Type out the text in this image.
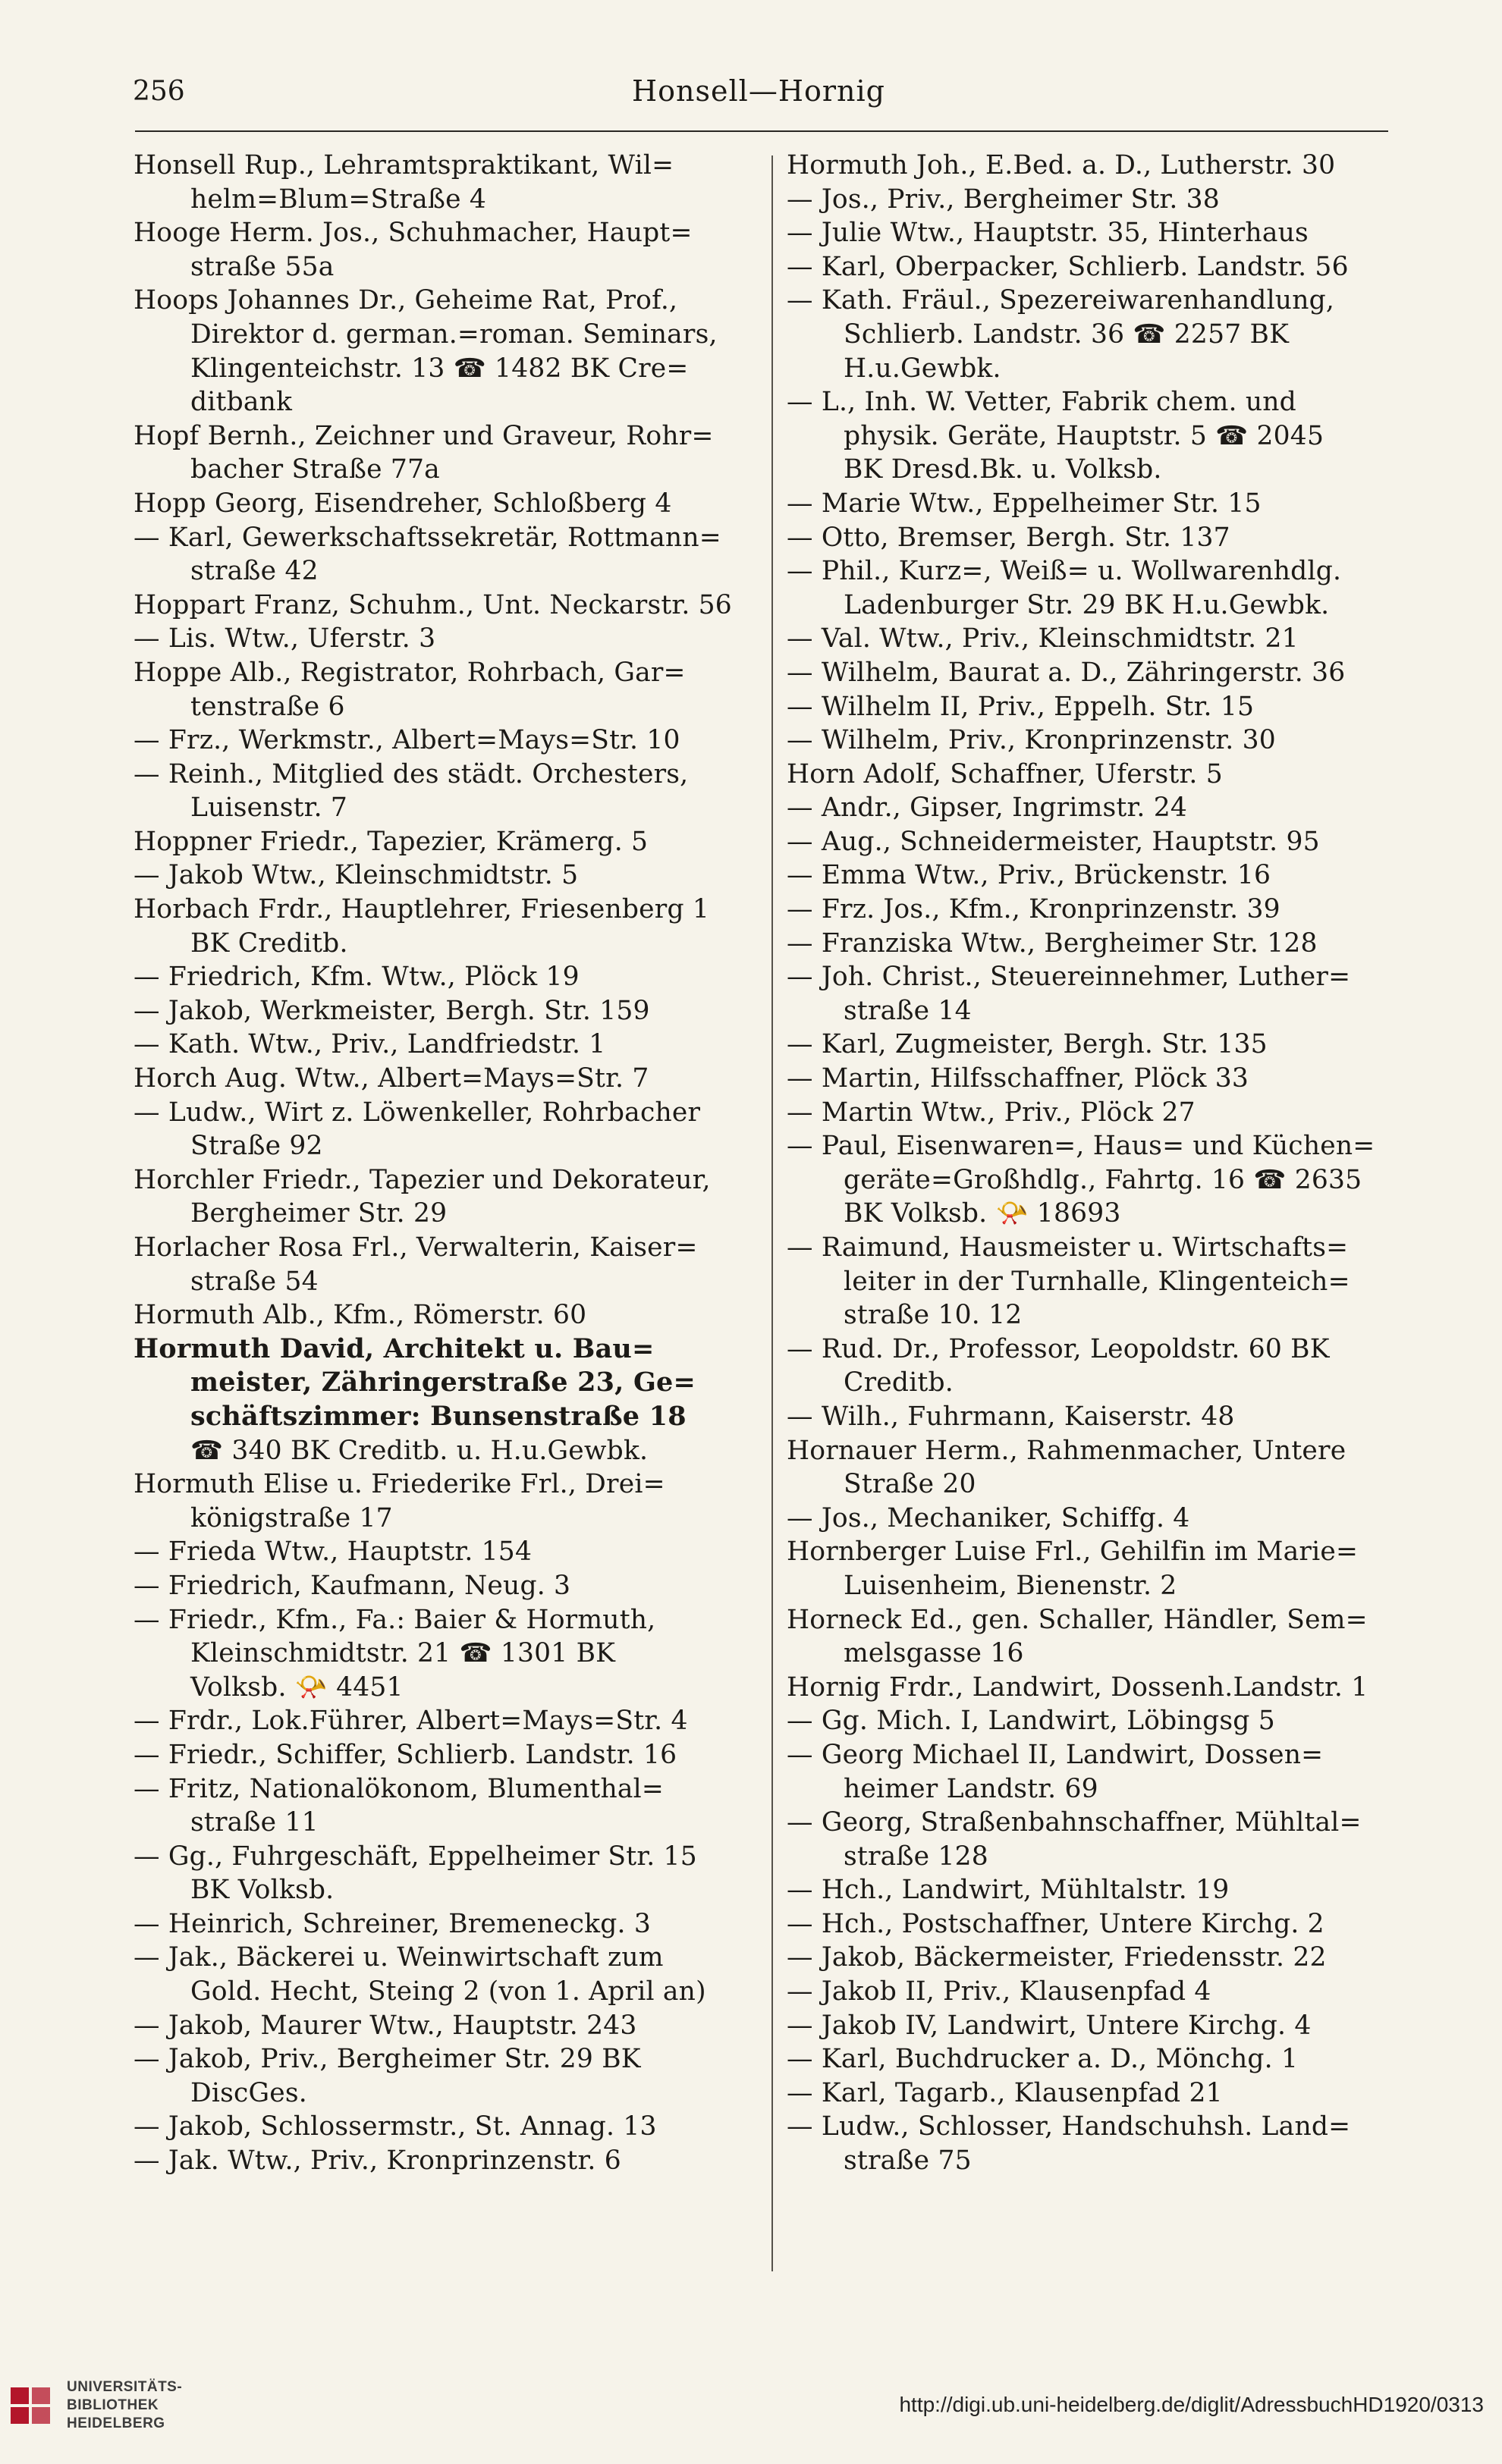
256	Honsell—Hornig
Honsell Rup., Lehramtspraktikant, Wil=
helm=Blum=Straße 4
Hooge Herm. Jos., Schuhmacher, Haupt=
straße 55a
Hoops Johannes Dr., Geheime Rat, Prof.,
Direktor d. german.=roman. Seminars,
Klingenteichstr. 13 ☎ 1482 BK Cre=
ditbank
Hopf Bernh., Zeichner und Graveur, Rohr=
bacher Straße 77a
Hopp Georg, Eisendreher, Schloßberg 4
— Karl, Gewerkschaftssekretär, Rottmann=
straße 42
Hoppart Franz, Schuhm., Unt. Neckarstr. 56
— Lis. Wtw., Uferstr. 3
Hoppe Alb., Registrator, Rohrbach, Gar=
tenstraße 6
— Frz., Werkmstr., Albert=Mays=Str. 10
— Reinh., Mitglied des städt. Orchesters,
Luisenstr. 7
Hoppner Friedr., Tapezier, Krämerg. 5
— Jakob Wtw., Kleinschmidtstr. 5
Horbach Frdr., Hauptlehrer, Friesenberg 1
BK Creditb.
— Friedrich, Kfm. Wtw., Plöck 19
— Jakob, Werkmeister, Bergh. Str. 159
— Kath. Wtw., Priv., Landfriedstr. 1
Horch Aug. Wtw., Albert=Mays=Str. 7
— Ludw., Wirt z. Löwenkeller, Rohrbacher
Straße 92
Horchler Friedr., Tapezier und Dekorateur,
Bergheimer Str. 29
Horlacher Rosa Frl., Verwalterin, Kaiser=
straße 54
Hormuth Alb., Kfm., Römerstr. 60
Hormuth David, Architekt u. Bau=
meister, Zähringerstraße 23, Ge=
schäftszimmer: Bunsenstraße 18
☎ 340 BK Creditb. u. H.u.Gewbk.
Hormuth Elise u. Friederike Frl., Drei=
königstraße 17
— Frieda Wtw., Hauptstr. 154
— Friedrich, Kaufmann, Neug. 3
— Friedr., Kfm., Fa.: Baier & Hormuth,
Kleinschmidtstr. 21 ☎ 1301 BK
Volksb. 📯 4451
— Frdr., Lok.Führer, Albert=Mays=Str. 4
— Friedr., Schiffer, Schlierb. Landstr. 16
— Fritz, Nationalökonom, Blumenthal=
straße 11
— Gg., Fuhrgeschäft, Eppelheimer Str. 15
BK Volksb.
— Heinrich, Schreiner, Bremeneckg. 3
— Jak., Bäckerei u. Weinwirtschaft zum
Gold. Hecht, Steing 2 (von 1. April an)
— Jakob, Maurer Wtw., Hauptstr. 243
— Jakob, Priv., Bergheimer Str. 29 BK
DiscGes.
— Jakob, Schlossermstr., St. Annag. 13
— Jak. Wtw., Priv., Kronprinzenstr. 6
Hormuth Joh., E.Bed. a. D., Lutherstr. 30
— Jos., Priv., Bergheimer Str. 38
— Julie Wtw., Hauptstr. 35, Hinterhaus
— Karl, Oberpacker, Schlierb. Landstr. 56
— Kath. Fräul., Spezereiwarenhandlung,
Schlierb. Landstr. 36 ☎ 2257 BK
H.u.Gewbk.
— L., Inh. W. Vetter, Fabrik chem. und
physik. Geräte, Hauptstr. 5 ☎ 2045
BK Dresd.Bk. u. Volksb.
— Marie Wtw., Eppelheimer Str. 15
— Otto, Bremser, Bergh. Str. 137
— Phil., Kurz=, Weiß= u. Wollwarenhdlg.
Ladenburger Str. 29 BK H.u.Gewbk.
— Val. Wtw., Priv., Kleinschmidtstr. 21
— Wilhelm, Baurat a. D., Zähringerstr. 36
— Wilhelm II, Priv., Eppelh. Str. 15
— Wilhelm, Priv., Kronprinzenstr. 30
Horn Adolf, Schaffner, Uferstr. 5
— Andr., Gipser, Ingrimstr. 24
— Aug., Schneidermeister, Hauptstr. 95
— Emma Wtw., Priv., Brückenstr. 16
— Frz. Jos., Kfm., Kronprinzenstr. 39
— Franziska Wtw., Bergheimer Str. 128
— Joh. Christ., Steuereinnehmer, Luther=
straße 14
— Karl, Zugmeister, Bergh. Str. 135
— Martin, Hilfsschaffner, Plöck 33
— Martin Wtw., Priv., Plöck 27
— Paul, Eisenwaren=, Haus= und Küchen=
geräte=Großhdlg., Fahrtg. 16 ☎ 2635
BK Volksb. 📯 18693
— Raimund, Hausmeister u. Wirtschafts=
leiter in der Turnhalle, Klingenteich=
straße 10. 12
— Rud. Dr., Professor, Leopoldstr. 60 BK
Creditb.
— Wilh., Fuhrmann, Kaiserstr. 48
Hornauer Herm., Rahmenmacher, Untere
Straße 20
— Jos., Mechaniker, Schiffg. 4
Hornberger Luise Frl., Gehilfin im Marie=
Luisenheim, Bienenstr. 2
Horneck Ed., gen. Schaller, Händler, Sem=
melsgasse 16
Hornig Frdr., Landwirt, Dossenh.Landstr. 1
— Gg. Mich. I, Landwirt, Löbingsg 5
— Georg Michael II, Landwirt, Dossen=
heimer Landstr. 69
— Georg, Straßenbahnschaffner, Mühltal=
straße 128
— Hch., Landwirt, Mühltalstr. 19
— Hch., Postschaffner, Untere Kirchg. 2
— Jakob, Bäckermeister, Friedensstr. 22
— Jakob II, Priv., Klausenpfad 4
— Jakob IV, Landwirt, Untere Kirchg. 4
— Karl, Buchdrucker a. D., Mönchg. 1
— Karl, Tagarb., Klausenpfad 21
— Ludw., Schlosser, Handschuhsh. Land=
straße 75
UNIVERSITÄTS-
BIBLIOTHEK
HEIDELBERG
http://digi.ub.uni-heidelberg.de/diglit/AdressbuchHD1920/0313
